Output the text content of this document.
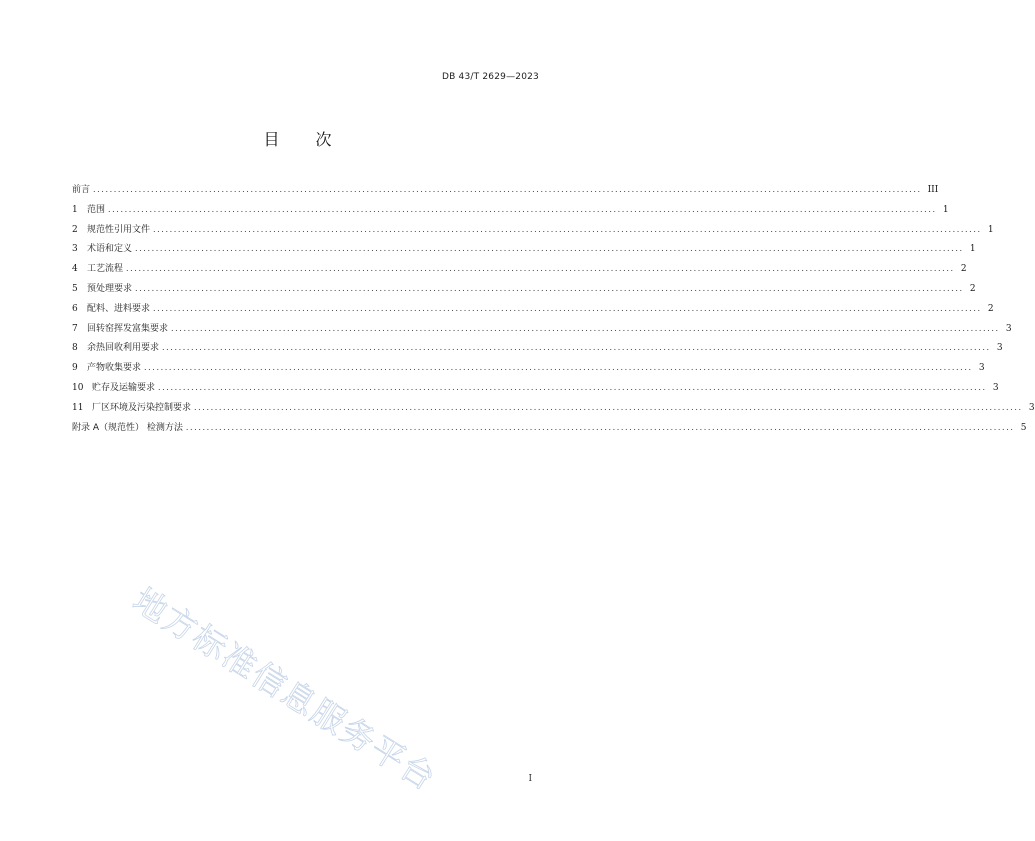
DB 43/T 2629—2023
目 次
前言 ........................................................................................................................................................................................................ III
1	范围 ........................................................................................................................................................................................................ 1
2	规范性引用文件 ........................................................................................................................................................................................................ 1
3	术语和定义 ........................................................................................................................................................................................................ 1
4	工艺流程 ........................................................................................................................................................................................................ 2
5	预处理要求 ........................................................................................................................................................................................................ 2
6	配料、进料要求 ........................................................................................................................................................................................................ 2
7	回转窑挥发富集要求 ........................................................................................................................................................................................................ 3
8	余热回收利用要求 ........................................................................................................................................................................................................ 3
9	产物收集要求 ........................................................................................................................................................................................................ 3
10 贮存及运输要求 ........................................................................................................................................................................................................ 3
11 厂区环境及污染控制要求 ........................................................................................................................................................................................................ 3
附录 A（规范性） 检测方法 ........................................................................................................................................................................................................ 5
地方标准信息服务平台	I
